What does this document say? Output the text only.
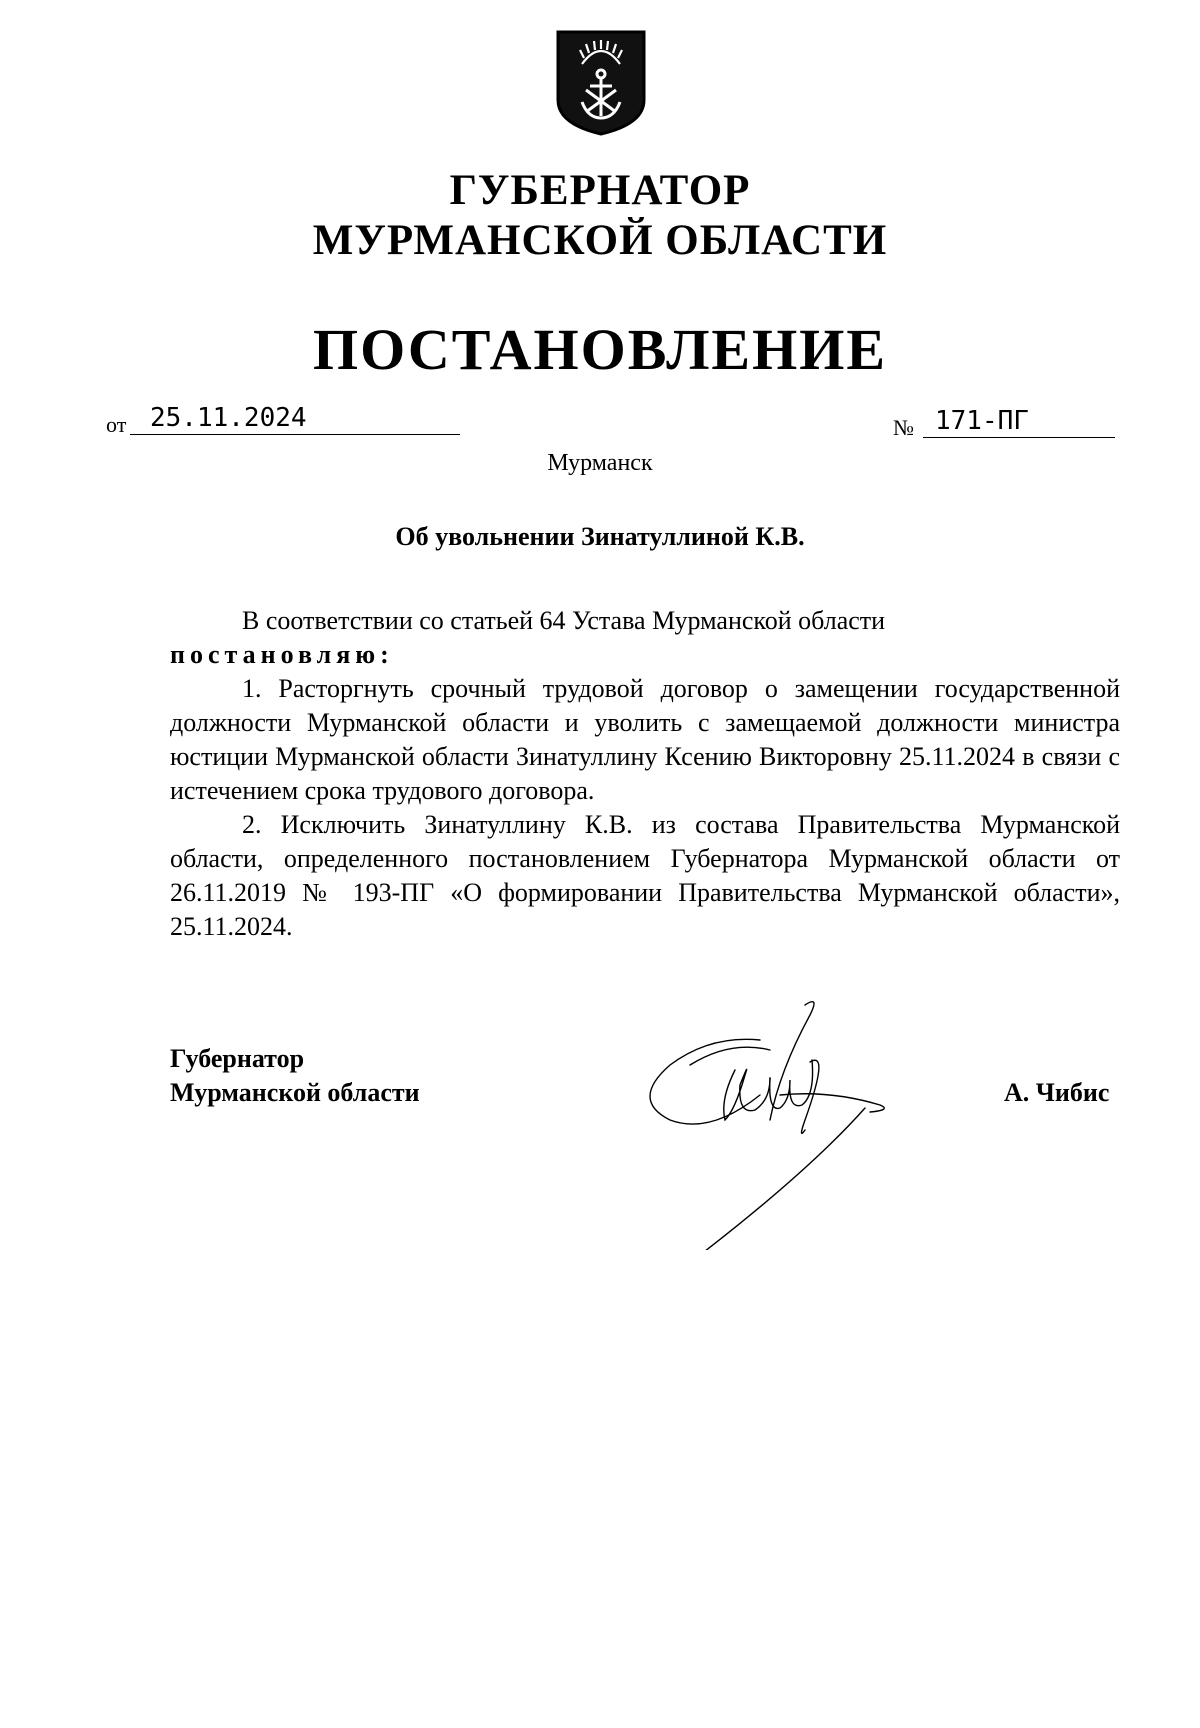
ГУБЕРНАТОР
МУРМАНСКОЙ ОБЛАСТИ
ПОСТАНОВЛЕНИЕ
от 25.11.2024	№ 171-ПГ
Мурманск
Об увольнении Зинатуллиной К.В.

В соответствии со статьей 64 Устава Мурманской области

постановляю:

1. Расторгнуть срочный трудовой договор о замещении государственной должности Мурманской области и уволить с замещаемой должности министра юстиции Мурманской области Зинатуллину Ксению Викторовну 25.11.2024 в связи с истечением срока трудового договора.

2. Исключить Зинатуллину К.В. из состава Правительства Мурманской области, определенного постановлением Губернатора Мурманской области от 26.11.2019 № 193-ПГ «О формировании Правительства Мурманской области», 25.11.2024.

Губернатор
Мурманской области	А. Чибис
